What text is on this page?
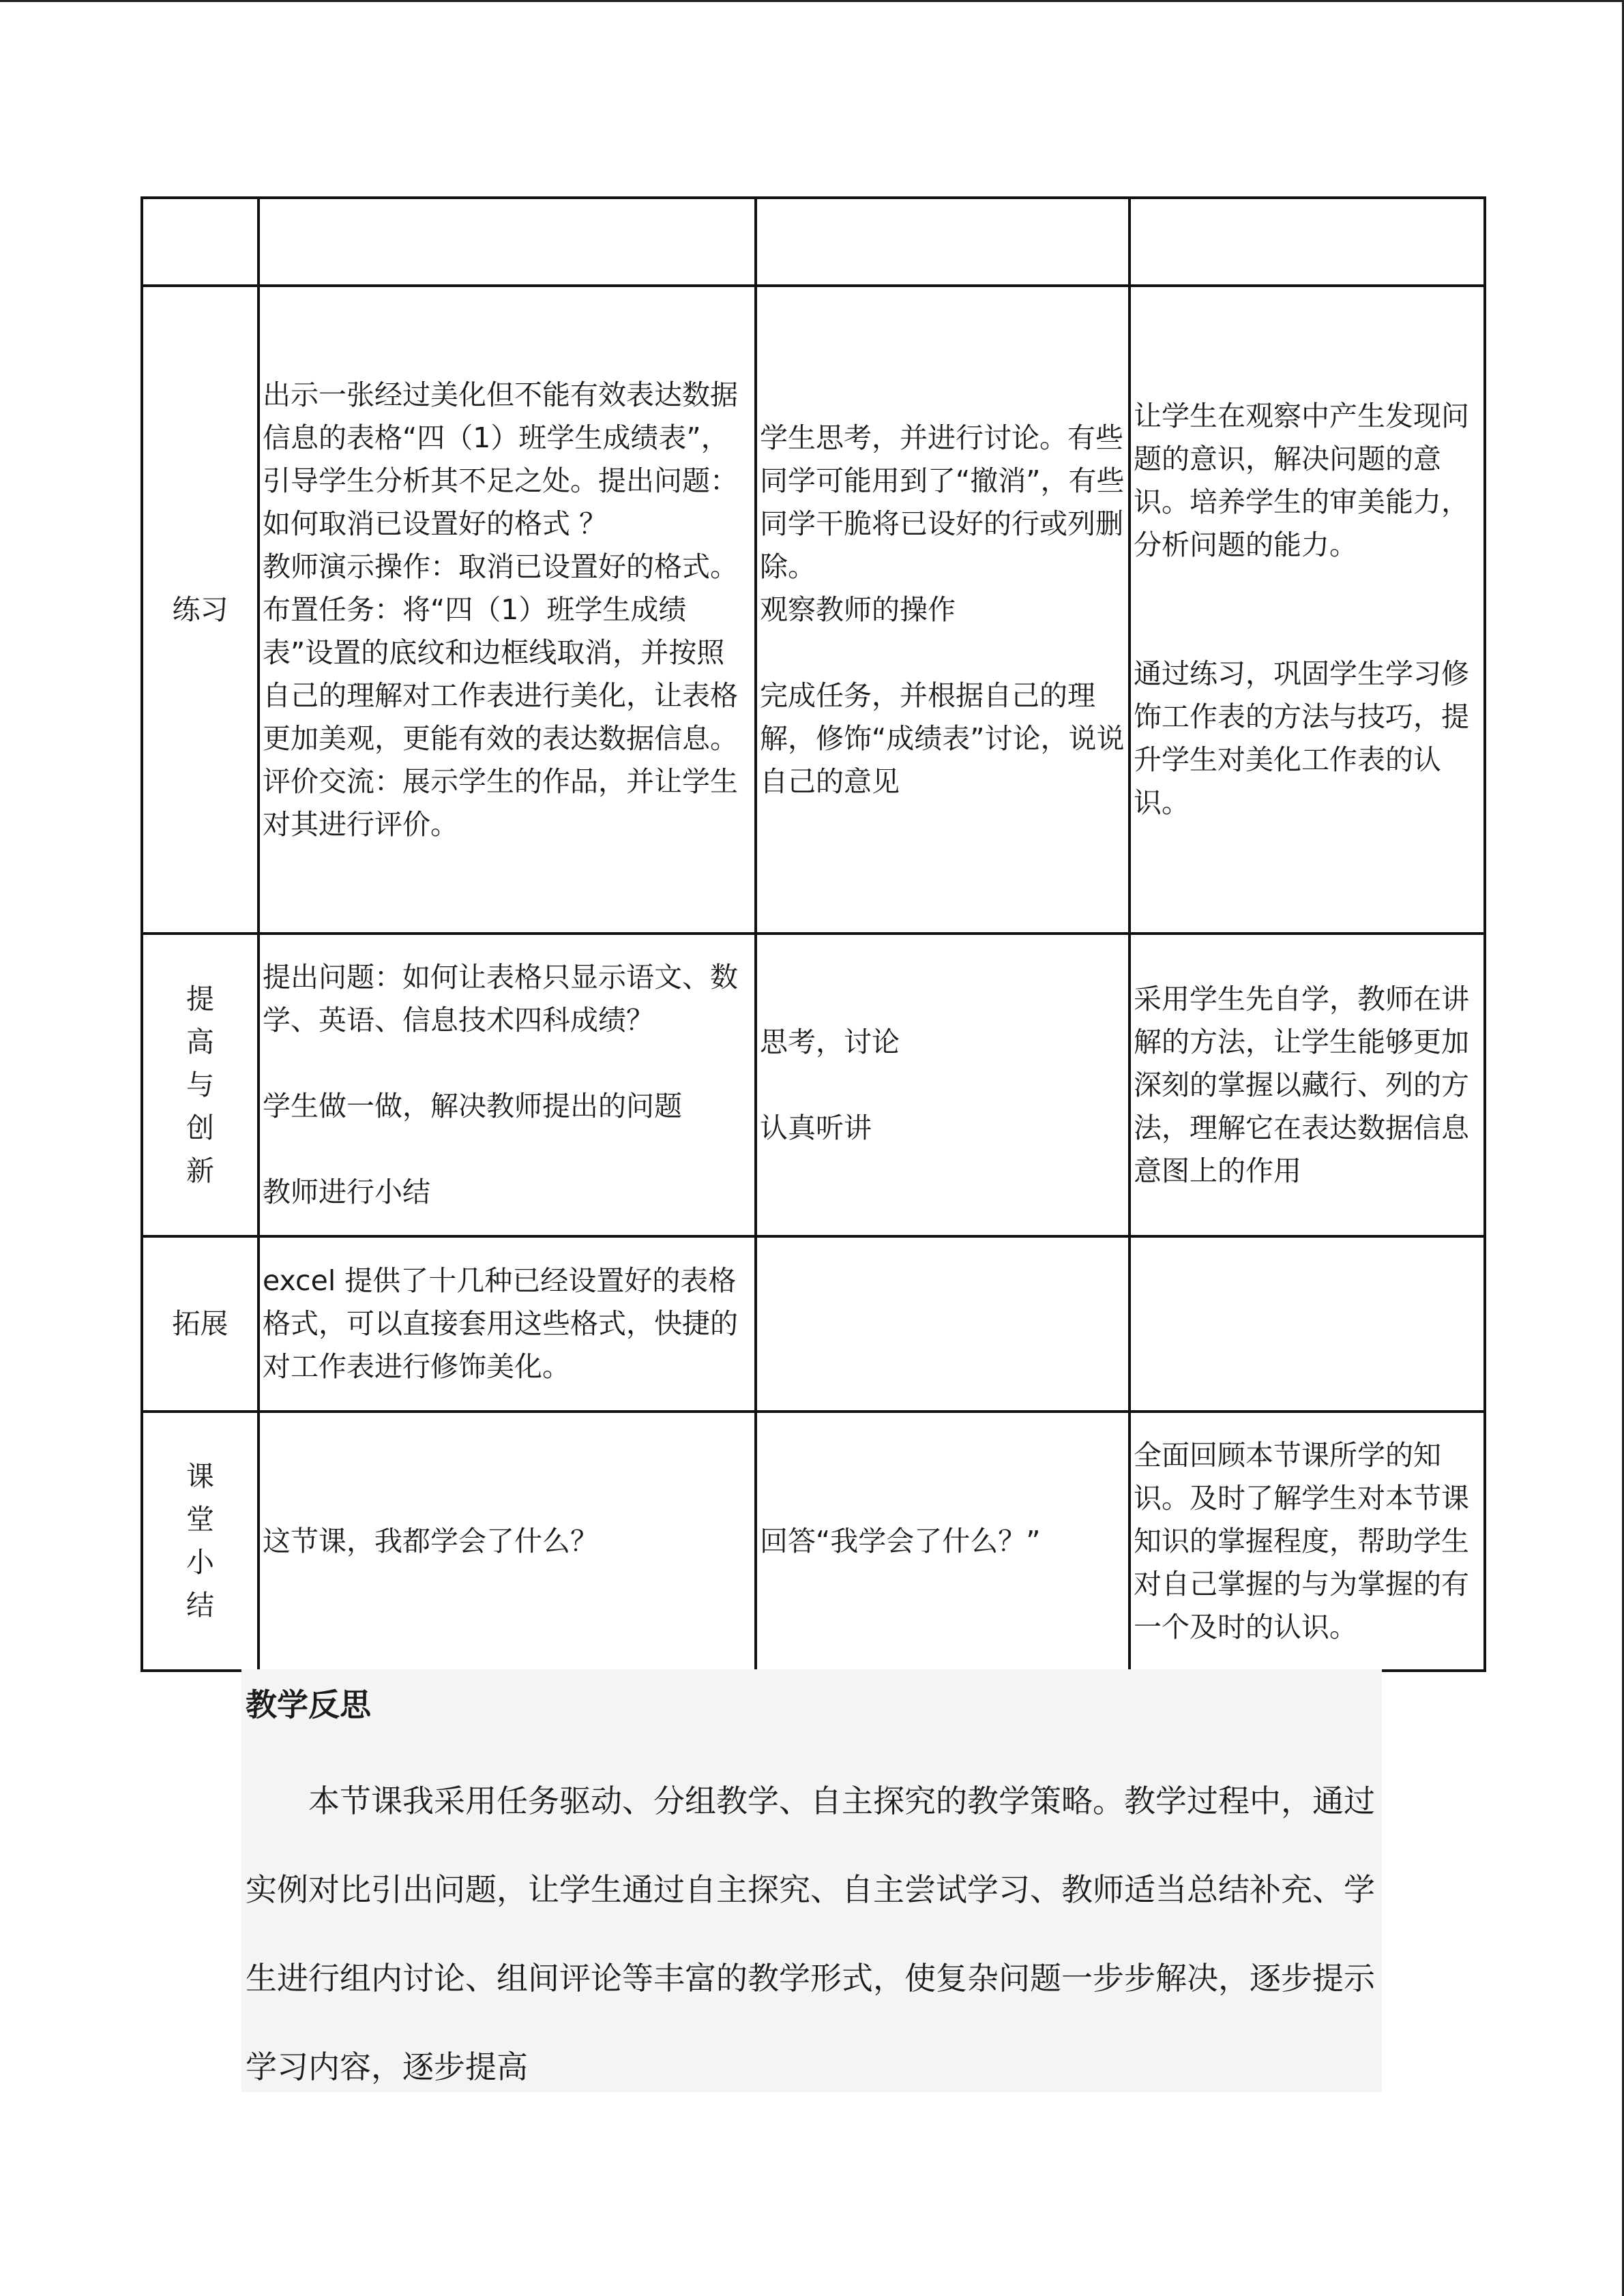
练习	出示一张经过美化但不能有效表达数据信息的表格“四（1）班学生成绩表”，引导学生分析其不足之处。提出问题：如何取消已设置好的格式 ？
教师演示操作：取消已设置好的格式。
布置任务：将“四（1）班学生成绩表”设置的底纹和边框线取消，并按照自己的理解对工作表进行美化，让表格更加美观，更能有效的表达数据信息。
评价交流：展示学生的作品，并让学生对其进行评价。	学生思考，并进行讨论。有些同学可能用到了“撤消”，有些同学干脆将已设好的行或列删除。
观察教师的操作
完成任务，并根据自己的理解，修饰“成绩表”讨论，说说自己的意见	让学生在观察中产生发现问题的意识，解决问题的意识。培养学生的审美能力，分析问题的能力。
通过练习，巩固学生学习修饰工作表的方法与技巧，提升学生对美化工作表的认识。

提高与创新	提出问题：如何让表格只显示语文、数学、英语、信息技术四科成绩？
学生做一做，解决教师提出的问题
教师进行小结	思考，讨论
认真听讲	采用学生先自学，教师在讲解的方法，让学生能够更加深刻的掌握以藏行、列的方法，理解它在表达数据信息意图上的作用

拓展	excel 提供了十几种已经设置好的表格格式，可以直接套用这些格式，快捷的对工作表进行修饰美化。		

课堂小结	这节课，我都学会了什么？	回答“我学会了什么？”	全面回顾本节课所学的知识。及时了解学生对本节课知识的掌握程度，帮助学生对自己掌握的与为掌握的有一个及时的认识。
教学反思
本节课我采用任务驱动、分组教学、自主探究的教学策略。教学过程中，通过实例对比引出问题，让学生通过自主探究、自主尝试学习、教师适当总结补充、学生进行组内讨论、组间评论等丰富的教学形式，使复杂问题一步步解决，逐步提示学习内容，逐步提高
